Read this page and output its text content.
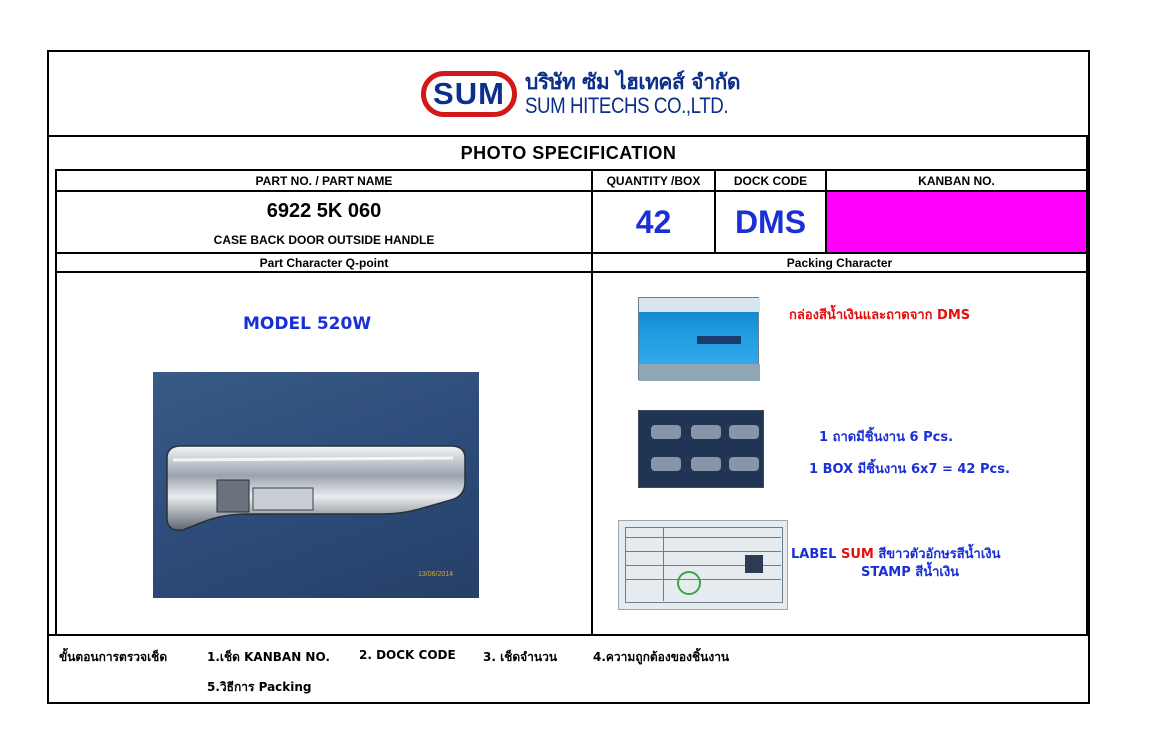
SUM บริษัท ซัม ไฮเทคส์ จำกัด
SUM HITECHS CO.,LTD.
PHOTO SPECIFICATION
PART NO. / PART NAME	QUANTITY /BOX	DOCK CODE	KANBAN NO.
6922 5K 060
CASE BACK DOOR OUTSIDE HANDLE
42	DMS
Part Character Q-point	Packing Character
MODEL 520W
13/06/2014
กล่องสีน้ำเงินและถาดจาก DMS
1 ถาดมีชิ้นงาน 6 Pcs.
1 BOX มีชิ้นงาน 6x7 = 42 Pcs.
LABEL SUM สีขาวตัวอักษรสีน้ำเงิน
STAMP สีน้ำเงิน
ขั้นตอนการตรวจเช็ด	1.เช็ด KANBAN NO. 2. DOCK CODE 3. เช็ดจำนวน	4.ความถูกต้องของชิ้นงาน
5.วิธีการ Packing
